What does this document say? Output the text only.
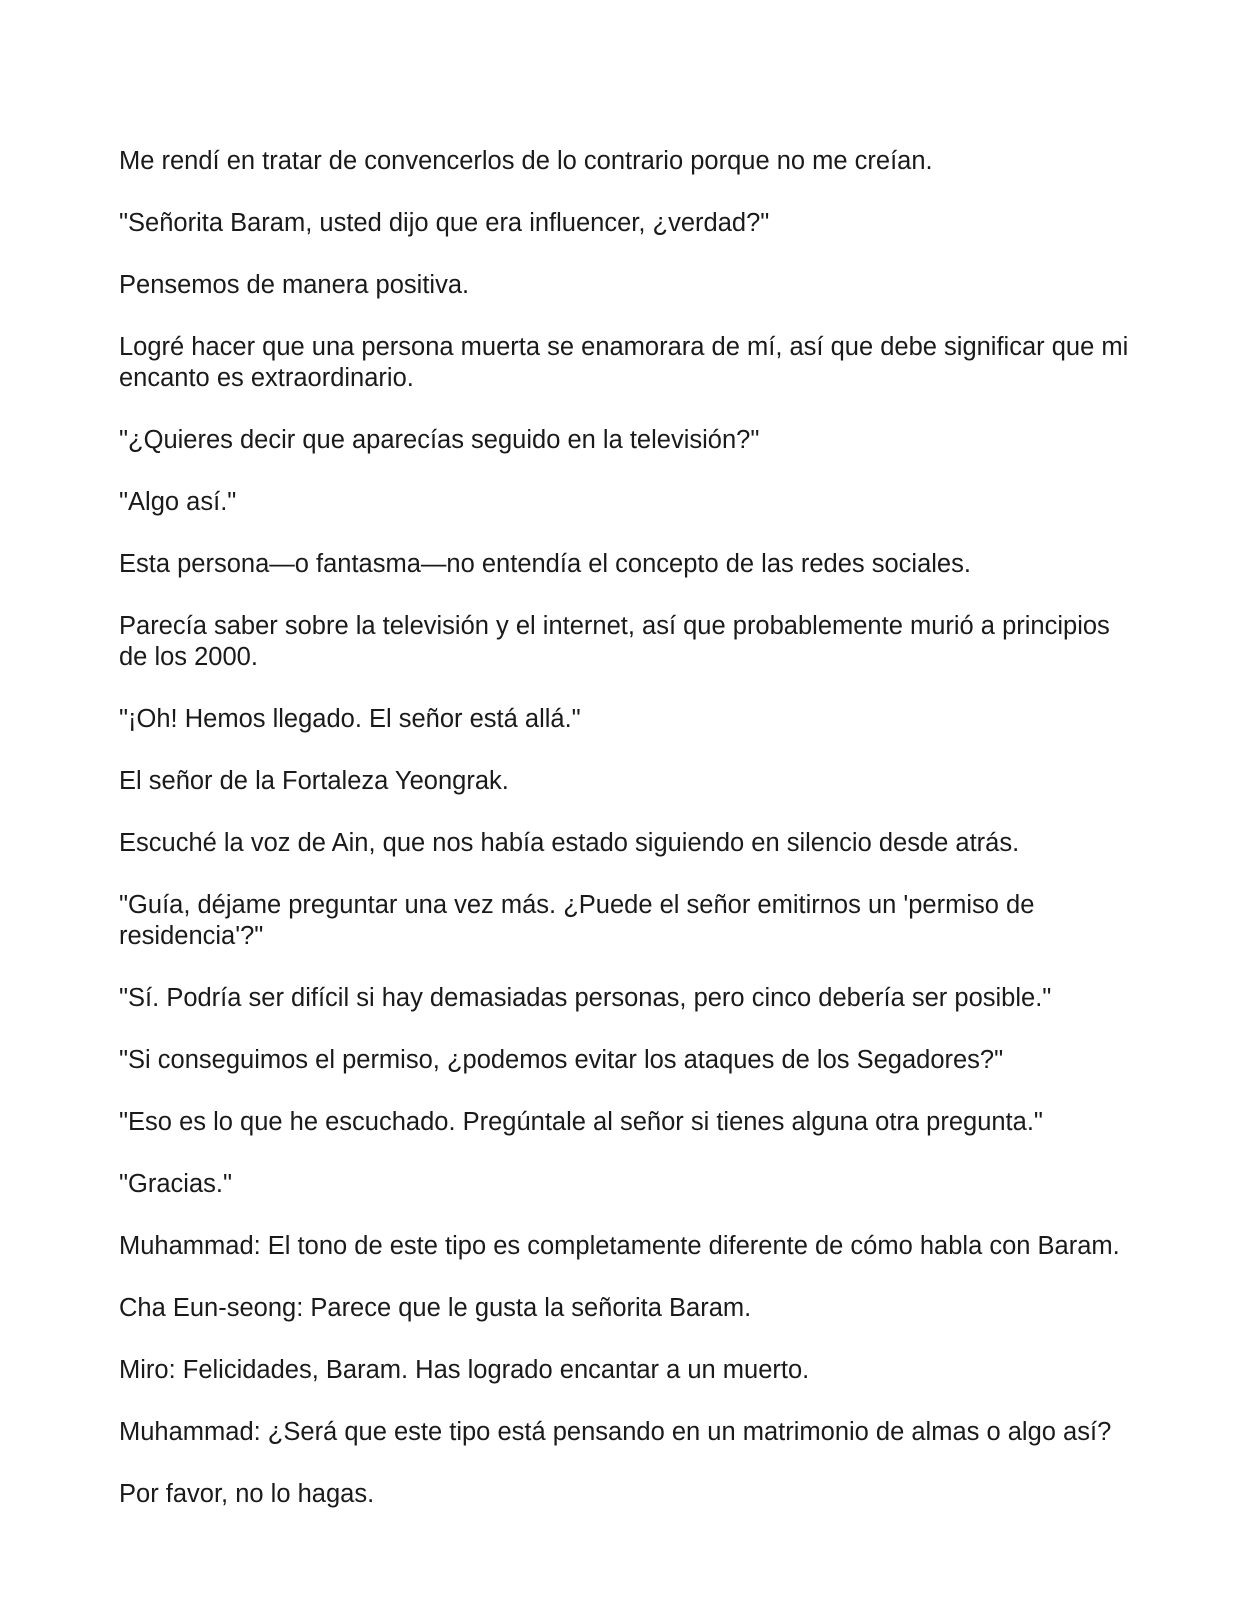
Me rendí en tratar de convencerlos de lo contrario porque no me creían.

"Señorita Baram, usted dijo que era influencer, ¿verdad?"

Pensemos de manera positiva.

Logré hacer que una persona muerta se enamorara de mí, así que debe significar que mi encanto es extraordinario.

"¿Quieres decir que aparecías seguido en la televisión?"

"Algo así."

Esta persona—o fantasma—no entendía el concepto de las redes sociales.

Parecía saber sobre la televisión y el internet, así que probablemente murió a principios de los 2000.

"¡Oh! Hemos llegado. El señor está allá."

El señor de la Fortaleza Yeongrak.

Escuché la voz de Ain, que nos había estado siguiendo en silencio desde atrás.

"Guía, déjame preguntar una vez más. ¿Puede el señor emitirnos un 'permiso de residencia'?"

"Sí. Podría ser difícil si hay demasiadas personas, pero cinco debería ser posible."

"Si conseguimos el permiso, ¿podemos evitar los ataques de los Segadores?"

"Eso es lo que he escuchado. Pregúntale al señor si tienes alguna otra pregunta."

"Gracias."

Muhammad: El tono de este tipo es completamente diferente de cómo habla con Baram.

Cha Eun-seong: Parece que le gusta la señorita Baram.

Miro: Felicidades, Baram. Has logrado encantar a un muerto.

Muhammad: ¿Será que este tipo está pensando en un matrimonio de almas o algo así?

Por favor, no lo hagas.
